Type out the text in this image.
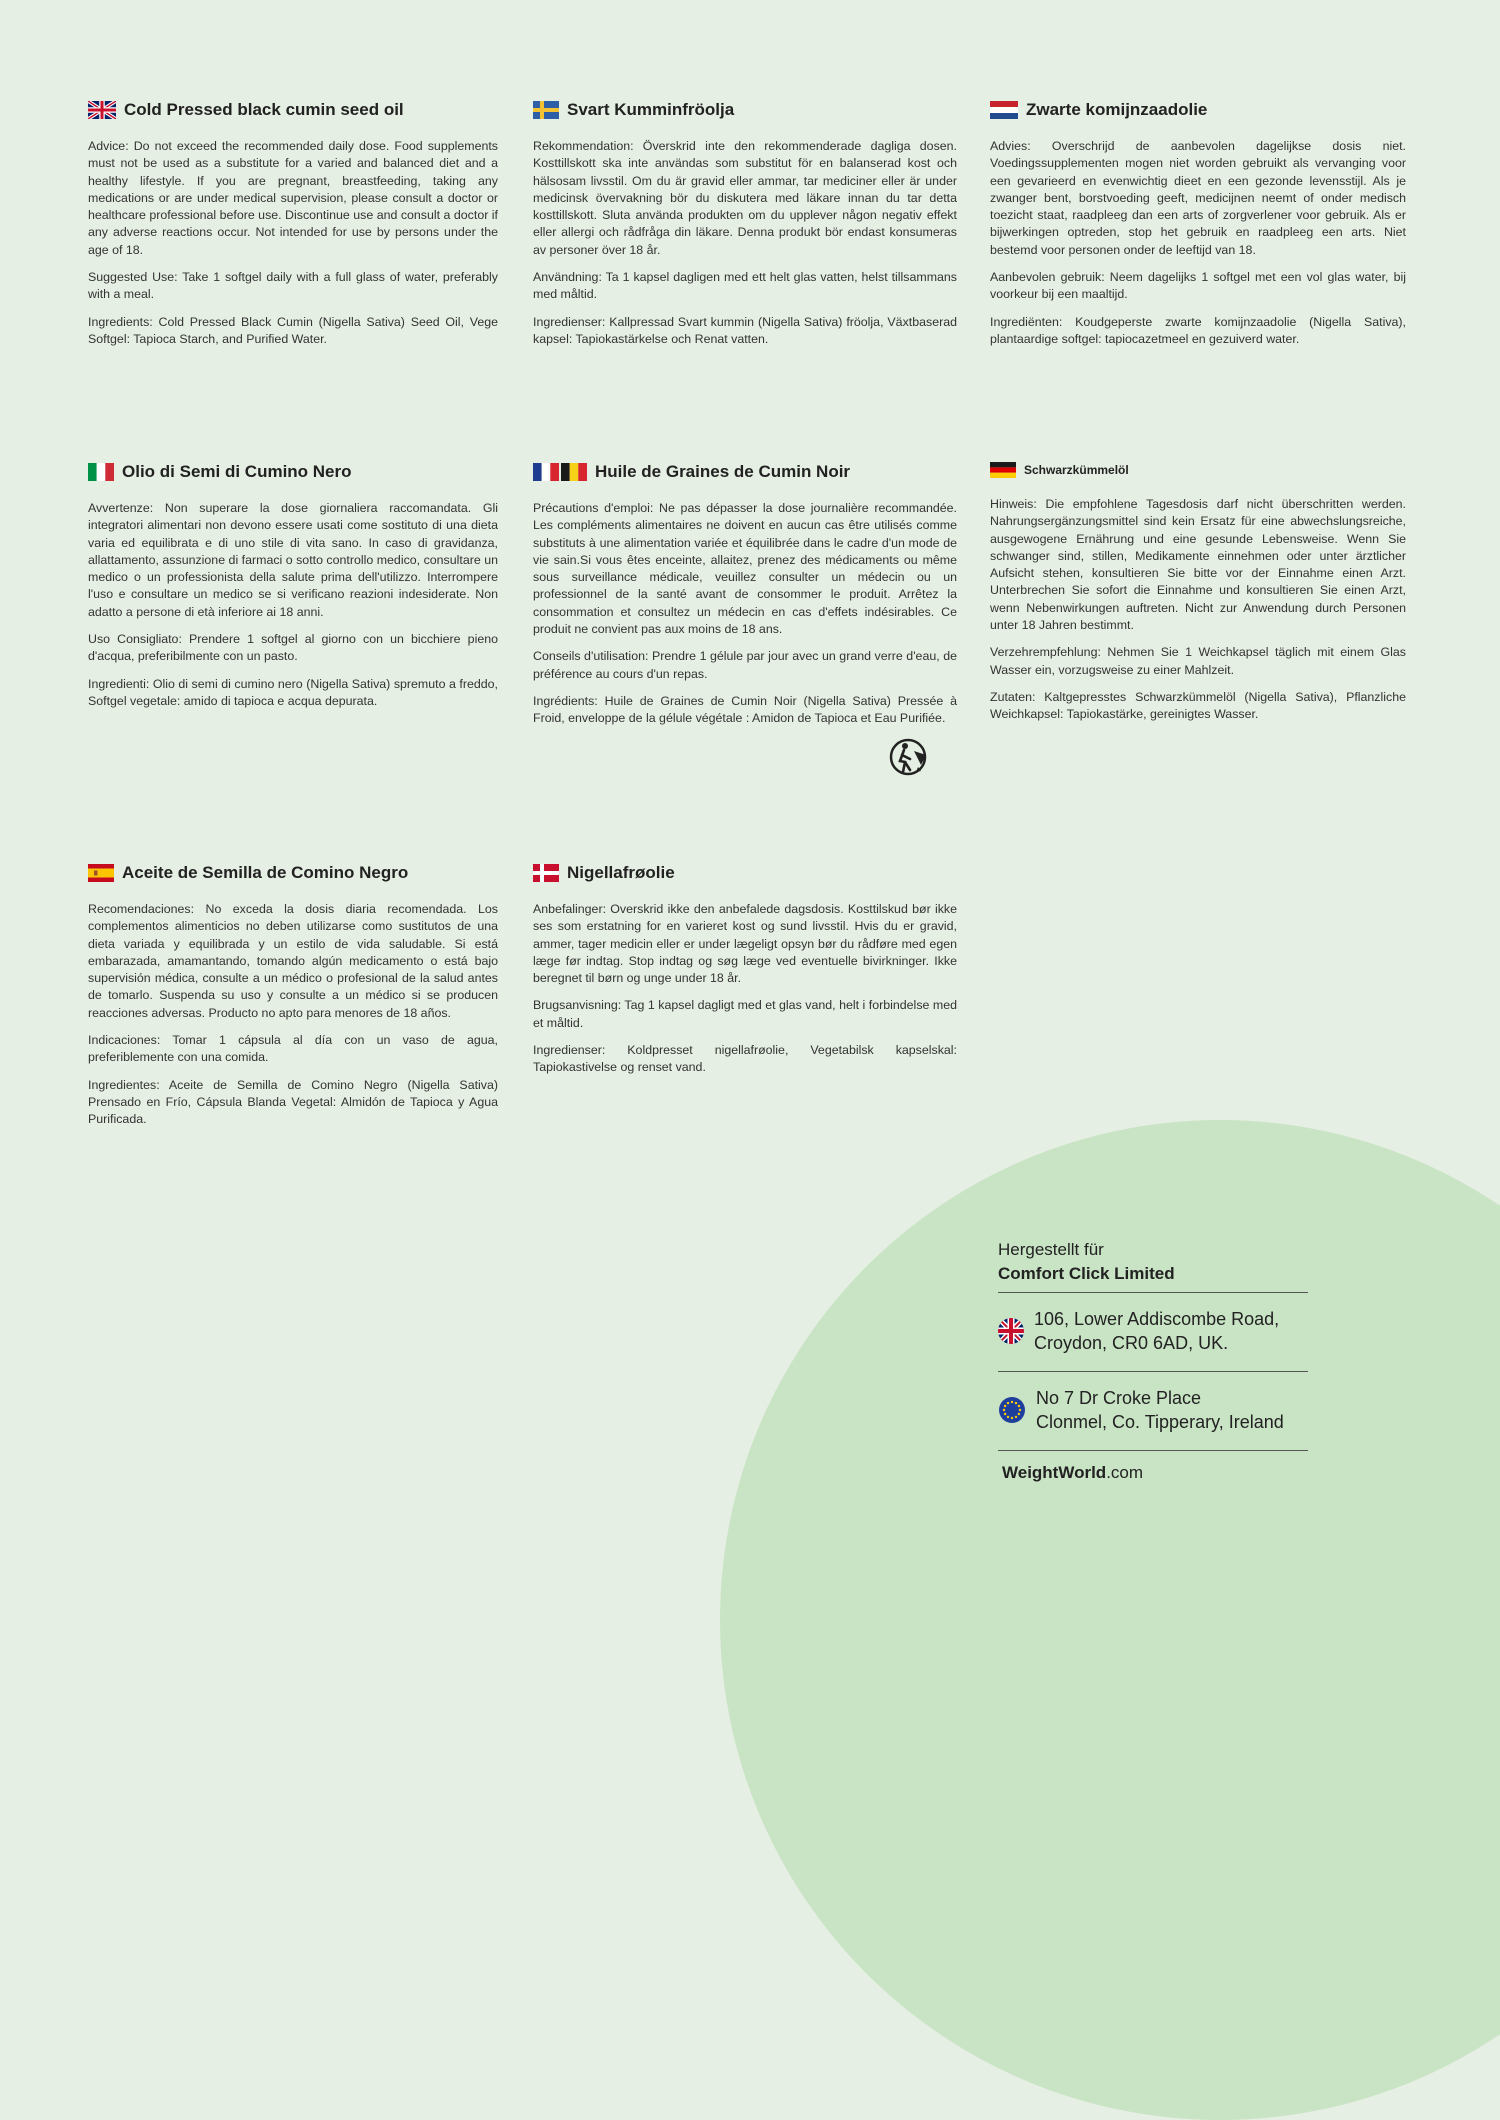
Cold Pressed black cumin seed oil

Advice: Do not exceed the recommended daily dose. Food supplements must not be used as a substitute for a varied and balanced diet and a healthy lifestyle. If you are pregnant, breastfeeding, taking any medications or are under medical supervision, please consult a doctor or healthcare professional before use. Discontinue use and consult a doctor if any adverse reactions occur. Not intended for use by persons under the age of 18.

Suggested Use: Take 1 softgel daily with a full glass of water, preferably with a meal.

Ingredients: Cold Pressed Black Cumin (Nigella Sativa) Seed Oil, Vege Softgel: Tapioca Starch, and Purified Water.

Svart Kumminfröolja

Rekommendation: Överskrid inte den rekommenderade dagliga dosen. Kosttillskott ska inte användas som substitut för en balanserad kost och hälsosam livsstil. Om du är gravid eller ammar, tar mediciner eller är under medicinsk övervakning bör du diskutera med läkare innan du tar detta kosttillskott. Sluta använda produkten om du upplever någon negativ effekt eller allergi och rådfråga din läkare. Denna produkt bör endast konsumeras av personer över 18 år.

Användning: Ta 1 kapsel dagligen med ett helt glas vatten, helst tillsammans med måltid.

Ingredienser: Kallpressad Svart kummin (Nigella Sativa) fröolja, Växtbaserad kapsel: Tapiokastärkelse och Renat vatten.

Zwarte komijnzaadolie

Advies: Overschrijd de aanbevolen dagelijkse dosis niet. Voedingssupplementen mogen niet worden gebruikt als vervanging voor een gevarieerd en evenwichtig dieet en een gezonde levensstijl. Als je zwanger bent, borstvoeding geeft, medicijnen neemt of onder medisch toezicht staat, raadpleeg dan een arts of zorgverlener voor gebruik. Als er bijwerkingen optreden, stop het gebruik en raadpleeg een arts. Niet bestemd voor personen onder de leeftijd van 18.

Aanbevolen gebruik: Neem dagelijks 1 softgel met een vol glas water, bij voorkeur bij een maaltijd.

Ingrediënten: Koudgeperste zwarte komijnzaadolie (Nigella Sativa), plantaardige softgel: tapiocazetmeel en gezuiverd water.

Olio di Semi di Cumino Nero

Avvertenze: Non superare la dose giornaliera raccomandata. Gli integratori alimentari non devono essere usati come sostituto di una dieta varia ed equilibrata e di uno stile di vita sano. In caso di gravidanza, allattamento, assunzione di farmaci o sotto controllo medico, consultare un medico o un professionista della salute prima dell'utilizzo. Interrompere l'uso e consultare un medico se si verificano reazioni indesiderate. Non adatto a persone di età inferiore ai 18 anni.

Uso Consigliato: Prendere 1 softgel al giorno con un bicchiere pieno d'acqua, preferibilmente con un pasto.

Ingredienti: Olio di semi di cumino nero (Nigella Sativa) spremuto a freddo, Softgel vegetale: amido di tapioca e acqua depurata.

Huile de Graines de Cumin Noir

Précautions d'emploi: Ne pas dépasser la dose journalière recommandée. Les compléments alimentaires ne doivent en aucun cas être utilisés comme substituts à une alimentation variée et équilibrée dans le cadre d'un mode de vie sain.Si vous êtes enceinte, allaitez, prenez des médicaments ou même sous surveillance médicale, veuillez consulter un médecin ou un professionnel de la santé avant de consommer le produit. Arrêtez la consommation et consultez un médecin en cas d'effets indésirables. Ce produit ne convient pas aux moins de 18 ans.

Conseils d'utilisation: Prendre 1 gélule par jour avec un grand verre d'eau, de préférence au cours d'un repas.

Ingrédients: Huile de Graines de Cumin Noir (Nigella Sativa) Pressée à Froid, enveloppe de la gélule végétale : Amidon de Tapioca et Eau Purifiée.

Schwarzkümmelöl

Hinweis: Die empfohlene Tagesdosis darf nicht überschritten werden. Nahrungsergänzungsmittel sind kein Ersatz für eine abwechslungsreiche, ausgewogene Ernährung und eine gesunde Lebensweise. Wenn Sie schwanger sind, stillen, Medikamente einnehmen oder unter ärztlicher Aufsicht stehen, konsultieren Sie bitte vor der Einnahme einen Arzt. Unterbrechen Sie sofort die Einnahme und konsultieren Sie einen Arzt, wenn Nebenwirkungen auftreten. Nicht zur Anwendung durch Personen unter 18 Jahren bestimmt.

Verzehrempfehlung: Nehmen Sie 1 Weichkapsel täglich mit einem Glas Wasser ein, vorzugsweise zu einer Mahlzeit.

Zutaten: Kaltgepresstes Schwarzkümmelöl (Nigella Sativa), Pflanzliche Weichkapsel: Tapiokastärke, gereinigtes Wasser.

Aceite de Semilla de Comino Negro

Recomendaciones: No exceda la dosis diaria recomendada. Los complementos alimenticios no deben utilizarse como sustitutos de una dieta variada y equilibrada y un estilo de vida saludable. Si está embarazada, amamantando, tomando algún medicamento o está bajo supervisión médica, consulte a un médico o profesional de la salud antes de tomarlo. Suspenda su uso y consulte a un médico si se producen reacciones adversas. Producto no apto para menores de 18 años.

Indicaciones: Tomar 1 cápsula al día con un vaso de agua, preferiblemente con una comida.

Ingredientes: Aceite de Semilla de Comino Negro (Nigella Sativa) Prensado en Frío, Cápsula Blanda Vegetal: Almidón de Tapioca y Agua Purificada.

Nigellafrøolie

Anbefalinger: Overskrid ikke den anbefalede dagsdosis. Kosttilskud bør ikke ses som erstatning for en varieret kost og sund livsstil. Hvis du er gravid, ammer, tager medicin eller er under lægeligt opsyn bør du rådføre med egen læge før indtag. Stop indtag og søg læge ved eventuelle bivirkninger. Ikke beregnet til børn og unge under 18 år.

Brugsanvisning: Tag 1 kapsel dagligt med et glas vand, helt i forbindelse med et måltid.

Ingredienser: Koldpresset nigellafrøolie, Vegetabilsk kapselskal: Tapiokastivelse og renset vand.

Hergestellt für
Comfort Click Limited
106, Lower Addiscombe Road,
Croydon, CR0 6AD, UK.
No 7 Dr Croke Place
Clonmel, Co. Tipperary, Ireland
WeightWorld.com
